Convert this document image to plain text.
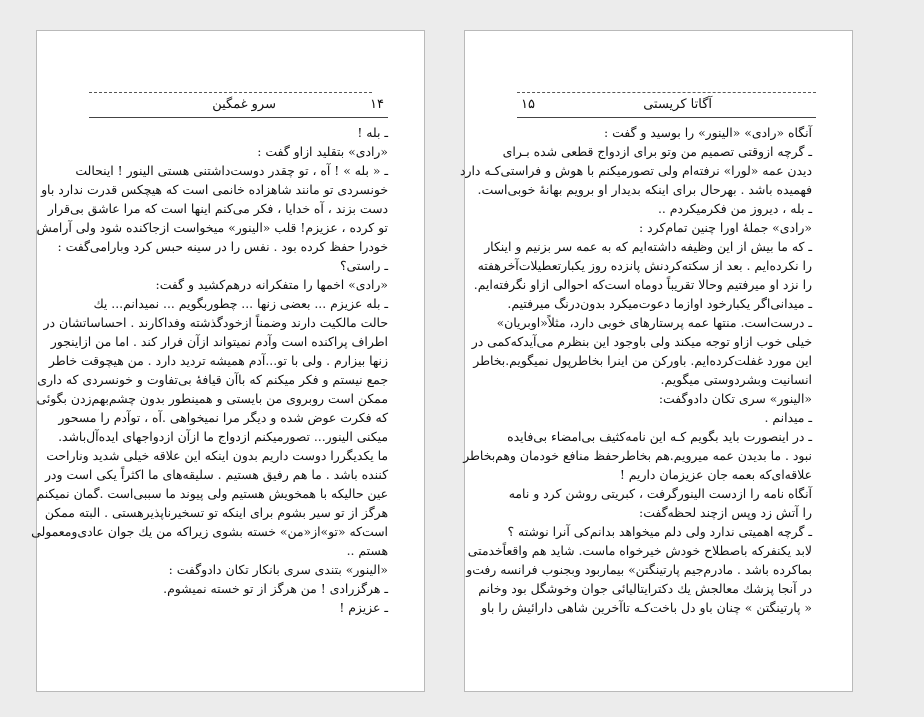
۱۴
سرو غمگین

ـ بله !

«رادی» بتقلید ازاو گفت :

ـ « بله » ! آه ، تو چقدر دوست‌داشتنی هستی الینور ! اینحالت

خونسردی تو مانند شاهزاده خانمی است که هیچکس قدرت ندارد باو

دست بزند ، آه خدایا ، فکر می‌کنم اینها است که مرا عاشق بی‌قرار

تو کرده ، عزیزم! قلب «الینور» میخواست ازجاکنده شود ولی آرامش

خودرا حفظ کرده بود . نفس را در سینه حبس کرد وبا‌رامی‌گفت :

ـ راستی؟

«رادی» اخمها را متفکرانه درهم‌کشید و گفت:

ـ بله عزیزم ... بعضی زنها ... چطوربگویم ... نمیدانم... یك

حالت مالکیت دارند وضمناً ازخودگذشته وفداکارند . احساساتشان در

اطراف پراکنده است وآدم نمیتواند ازآن فرار کند . اما من ازاینجور

زنها بیزارم . ولی با تو...آدم همیشه تردید دارد . من هیچوقت خاطر

جمع نیستم و فکر میکنم که باآن قیافهٔ بی‌تفاوت و خونسردی که داری

ممکن است روبروی من بایستی و همینطور بدون چشم‌بهم‌زدن بگوئی

که فکرت عوض شده و دیگر مرا نمیخواهی .آه ، تو‌آدم را مسحور

میکنی الینور... تصورمیکنم ازدواج ما ازآن ازدواجهای ایده‌آل‌باشد.

ما یکدیگررا دوست داریم بدون اینکه این علاقه خیلی شدید وناراحت

کننده باشد . ما هم رفیق هستیم . سلیقه‌های ما اکثراً یکی است ودر

عین حالیکه با همخویش هستیم ولی پیوند ما سببی‌است .گمان نمیکنم

هرگز از تو سیر بشوم برای اینکه تو تسخیرناپذیرهستی . البته ممکن

است‌که «تو»از«من» خسته بشوی زیراکه من یك جوان عادی‌ومعمولی

هستم ..

«الینور» بتندی سری بانکار تکان داد‌وگفت :

ـ هرگزرادی ! من هرگز از تو خسته نمیشوم.

ـ عزیزم !

۱۵	آگاتا کریستی

آنگاه «رادی» «الینور» را بوسید و گفت :

ـ گرچه ازوقتی تصمیم من وتو برای ازدواج قطعی شده بـرای

دیدن عمه «لورا» نرفته‌ام ولی تصورمیکنم با هوش و فراستی‌کـه دارد

فهمیده باشد . بهرحال برای اینکه بدیدار او برویم بهانهٔ خوبی‌است.

ـ بله ، دیروز من فکرمیکردم ..

«رادی» جملهٔ اورا چنین تمام‌کرد :

ـ که ما بیش از این وظیفه داشته‌ایم که به عمه سر بزنیم و اینکار

را نکرده‌ایم . بعد از سکته‌کردنش پانزده روز یکبار‌تعطیلات‌آخرهفته

را نزد او میرفتیم وحالا تقریباً دوماه است‌که احوالی ازاو نگرفته‌ایم.

ـ میدانی‌اگر یکبارخود اوازما دعوت‌میکرد بدون‌درنگ میرفتیم.

ـ درست‌است. منتها عمه پرستارهای خوبی دارد، مثلاً«اوبریان»

خیلی خوب ازاو توجه میکند ولی با‌وجود این بنظرم می‌آید‌که‌کمی در

این مورد غفلت‌کرده‌ایم. باورکن من اینرا بخاطرپول نمیگویم.بخاطر

انسانیت وبشردوستی میگویم.

«الینور» سری تکان داد‌وگفت:

ـ میدانم .

ـ در اینصورت باید بگویم کـه این نامه‌کثیف بی‌امضاء بی‌فایده

نبود . ما بدیدن عمه میرویم.هم بخاطرحفظ منافع خودمان وهم‌بخاطر

علاقه‌ای‌که بعمه جان عزیزمان داریم !

آنگاه نامه را ازدست الینورگرفت ، کبریتی روشن کرد و نامه

را آتش زد وپس ازچند لحظه‌گفت:

ـ گرچه اهمیتی ندارد ولی دلم میخواهد بدانم‌کی آنرا نوشته ؟

لابد یکنفرکه باصطلاح خودش خیرخواه ماست. شاید هم واقعاًخدمتی

بما‌کرده باشد . مادرم‌جیم پارتینگتن» بیماربود وبجنوب فرانسه رفت‌و

در آنجا پزشك معالجش یك دکترایتالیائی جوان وخوشگل بود وخانم

« پارتینگتن » چنان باو دل باخت‌کـه تاآخرین شاهی دارائیش را باو
